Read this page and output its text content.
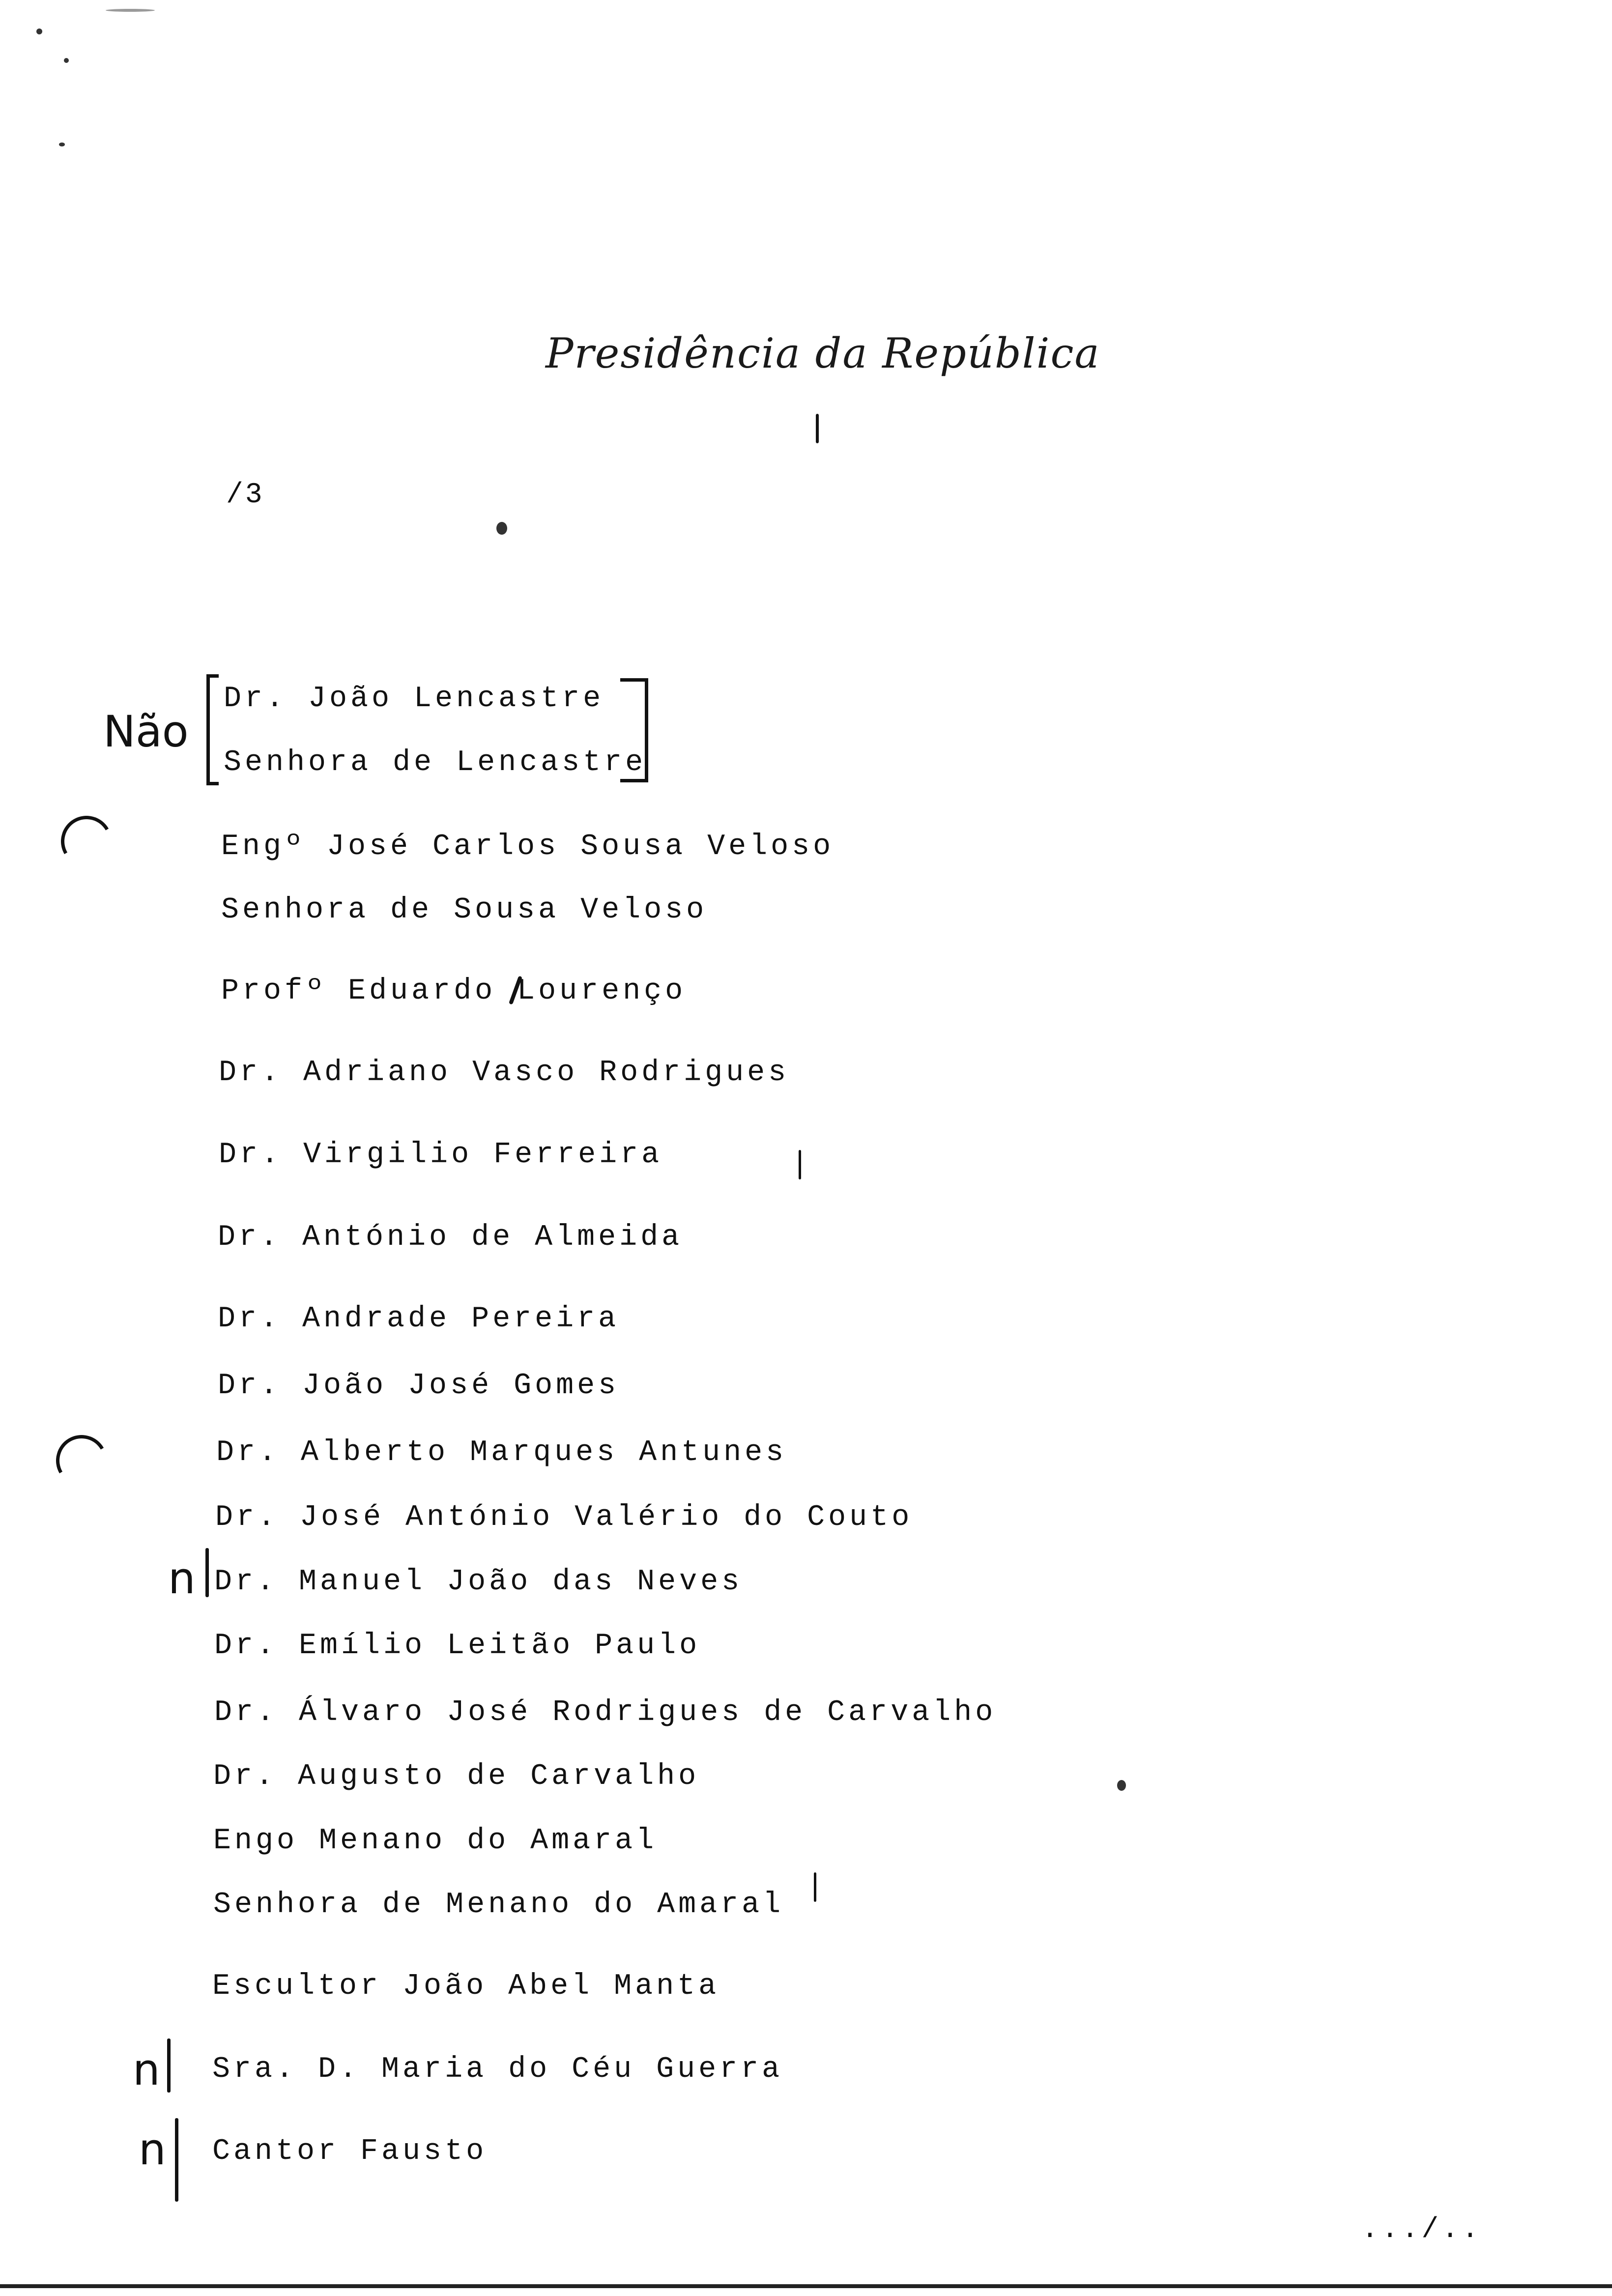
Presidência da República
/3
Não
n
n
n
Dr. João Lencastre
Senhora de Lencastre
Engº José Carlos Sousa Veloso
Senhora de Sousa Veloso
Profº Eduardo Lourenço
Dr. Adriano Vasco Rodrigues
Dr. Virgilio Ferreira
Dr. António de Almeida
Dr. Andrade Pereira
Dr. João José Gomes
Dr. Alberto Marques Antunes
Dr. José António Valério do Couto
Dr. Manuel João das Neves
Dr. Emílio Leitão Paulo
Dr. Álvaro José Rodrigues de Carvalho
Dr. Augusto de Carvalho
Engo Menano do Amaral
Senhora de Menano do Amaral
Escultor João Abel Manta
Sra. D. Maria do Céu Guerra
Cantor Fausto
.../..
